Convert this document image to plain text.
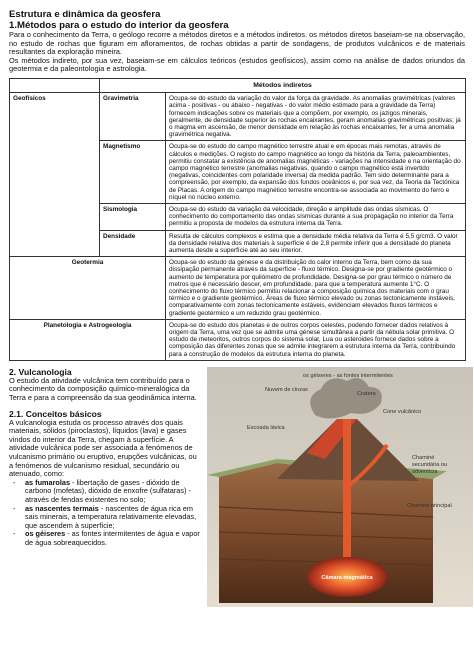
Estrutura e dinâmica da geosfera
1.Métodos para o estudo do interior da geosfera

Para o conhecimento da Terra, o geólogo recorre a métodos diretos e a métodos indiretos. os métodos diretos baseiam-se na observação, no estudo de rochas que figuram em afloramentos, de rochas obtidas a partir de sondagens, de produtos vulcânicos e de materiais resultantes da exploração mineira.

Os métodos indireto, por sua vez, baseiam-se em cálculos teóricos (estudos geofísicos), assim como na análise de dados oriundos da geotermia e da paleontologia e astrologia.

	Métodos indiretos	
Geofísicos	Gravimetria	Ocupa-se do estudo da variação do valor da força da gravidade. As anomalias gravimétricas (valores acima - positivas - ou abaixo - negativas - do valor médio estimado para a gravidade da Terra) fornecem indicações sobre os materiais que a compõem, por exemplo, os jazigos minerais, geralmente, de densidade superior às rochas encaixantes, geram anomalias gravimétricas positivas; já o magma em ascensão, de menor densidade em relação às rochas encaixantes, fer a uma anomalia gravimétrica negativa.
	Magnetismo	Ocupa-se do estudo do campo magnético terrestre atual e em épocas mais remotas, através de cálculos e medições. O registo do campo magnético ao longo da história da Terra, paleoambientes, permitiu constatar a existência de anomalias magnéticas - variações na intensidade e na orientação do campo magnético terrestre (anomalias negativas, quando o campo magnético está invertido (negativas, coincidentes com polaridade inversa) da medida padrão. Tem sido determinante para a compreensão, por exemplo, da expansão dos fundos oceânicos e, por sua vez, da Teoria da Tectónica de Placas. A origem do campo magnético terrestre encontra-se associada ao movimento do ferro e níquel no núcleo externo.
	Sismologia	Ocupa-se do estudo da variação da velocidade, direção e amplitude das ondas sísmicas. O conhecimento do comportamento das ondas sísmicas durante a sua propagação no interior da Terra permitiu a proposta de modelos da estrutura interna da Terra.
	Densidade	Resulta de cálculos complexos e estima que a densidade média relativa da Terra é 5,5 g/cm3. O valor da densidade relativa dos materiais à superfície é de 2,8 permite inferir que a densidade do planeta aumenta desde a superfície até ao seu interior.
Geotermia		Ocupa-se do estudo da génese e da distribuição do calor interno da Terra, bem como da sua dissipação permanente através da superfície - fluxo térmico. Designa-se por gradiente geotérmico o aumento de temperatura por quilómetro de profundidade. Designa-se por grau térmico o número de metros que é necessário descer, em profundidade, para que a temperatura aumente 1°C. O conhecimento do fluxo térmico permitiu relacionar a composição química dos materiais com o grau térmico e o gradiente geotérmico. Áreas de fluxo térmico elevado ou zonas tectonicamente instáveis, comparativamente com zonas tectonicamente estáveis, evidenciam elevados fluxos térmicos e gradiente geotérmico e um reduzido grau geotérmico.
Planetologia e Astrogeologia		Ocupa-se do estudo dos planetas e de outros corpos celestes, podendo fornecer dados relativos à origem da Terra, uma vez que se admite uma génese simultânea a partir da nébula solar primitiva. O estudo de meteoritos, outros corpos do sistema solar, Lua ou asteroides fornece dados sobre a composição das diferentes zonas que se admite integrarem a estrutura interna da Terra, contribuindo para a construção de modelos da estrutura interna do planeta.
2. Vulcanologia

O estudo da atividade vulcânica tem contribuído para o conhecimento da composição químico-mineralógica da Terra e para a compreensão da sua geodinâmica interna.

2.1. Conceitos básicos

A vulcanologia estuda os processo através dos quais materiais, sólidos (piroclastos), líquidos (lava) e gases vindos do interior da Terra, chegam à superfície. A atividade vulcânica pode ser associada a fenómenos de vulcanismo primário ou eruptivo, erupções vulcânicas, ou a fenómenos de vulcanismo residual, secundário ou atenuado, como:

- as fumarolas - libertação de gases - dióxido de carbono (mofetas), dióxido de enxofre (sulfataras) - através de fendas existentes no solo;
- as nascentes termais - nascentes de água rica em sais minerais, a temperatura relativamente elevadas, que ascendem à superfície;
- os géiseres - as fontes intermitentes de água e vapor de água sobreaquecidos.
os géiseres - as fontes intermitentes
Nuvem de cinzas
Cratera
Cone vulcânico
Escoada lávica
Chaminé secundária ou adventícia
Chaminé principal
Câmara magmática
